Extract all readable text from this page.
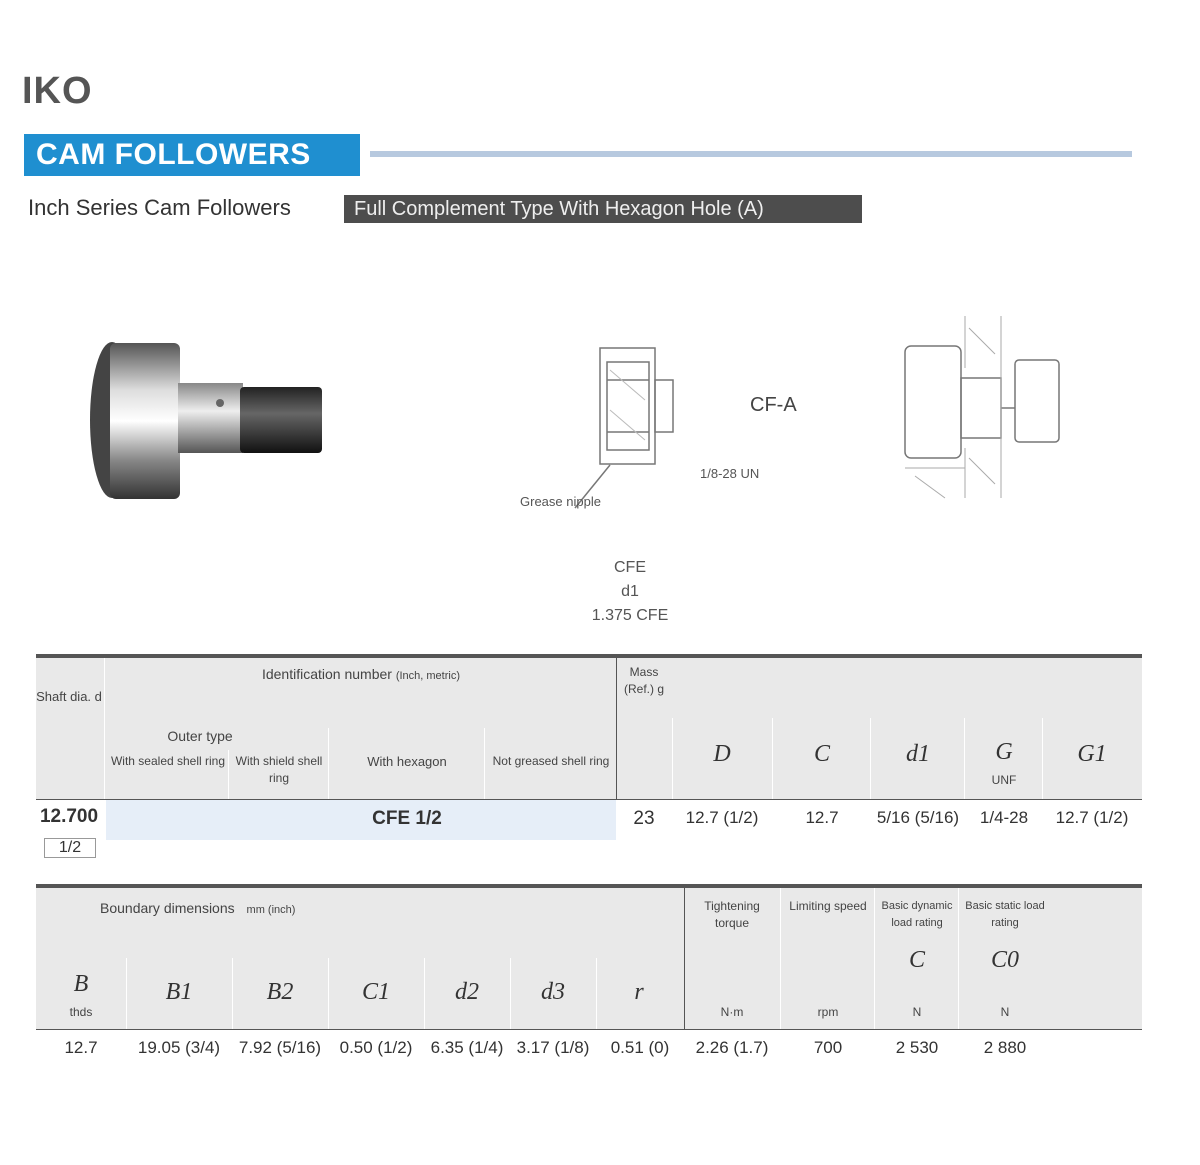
IKO
CAM FOLLOWERS
Inch Series Cam Followers	Full Complement Type With Hexagon Hole (A)
Grease nipple
1/8-28 UN
CF-A
CFE
d1
1.375 CFE
Shaft dia. d
Identification number (Inch, metric)
Outer type
With sealed shell ring With shield shell ring
With hexagon	Not greased shell ring
Mass (Ref.) g
D	C	d1	G
UNF
G1
12.700	CFE 1/2	23	12.7 (1/2)	12.7	5/16 (5/16)	1/4-28	12.7 (1/2)
1/2
Boundary dimensions mm (inch)
B
thds
B1	B2	C1	d2	d3	r
Tightening torque
N·m
Limiting speed
rpm
Basic dynamic load rating
C
N
Basic static load rating
C0
N
12.7	19.05 (3/4)	7.92 (5/16)	0.50 (1/2)	6.35 (1/4) 3.17 (1/8)	0.51 (0)	2.26 (1.7)	700	2 530	2 880
